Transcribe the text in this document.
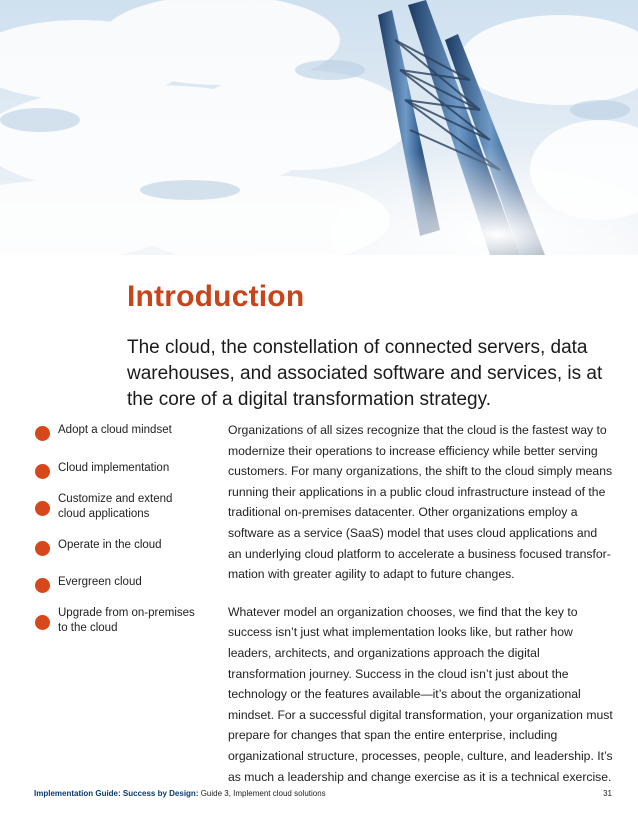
Introduction

The cloud, the constellation of connected servers, data warehouses, and associated software and services, is at the core of a digital transformation strategy.

Adopt a cloud mindset
Cloud implementation
Customize and extend cloud applications
Operate in the cloud
Evergreen cloud
Upgrade from on-premises to the cloud

Organizations of all sizes recognize that the cloud is the fastest way to modernize their operations to increase efficiency while better serving customers. For many organizations, the shift to the cloud simply means running their applications in a public cloud infrastructure instead of the traditional on-premises datacenter. Other organizations employ a software as a service (SaaS) model that uses cloud applications and an underlying cloud platform to accelerate a business focused transfor-mation with greater agility to adapt to future changes.

Whatever model an organization chooses, we find that the key to success isn’t just what implementation looks like, but rather how leaders, architects, and organizations approach the digital transformation journey. Success in the cloud isn’t just about the technology or the features available—it’s about the organizational mindset. For a successful digital transformation, your organization must prepare for changes that span the entire enterprise, including organizational structure, processes, people, culture, and leadership. It’s as much a leadership and change exercise as it is a technical exercise.

Implementation Guide: Success by Design: Guide 3, Implement cloud solutions	31
